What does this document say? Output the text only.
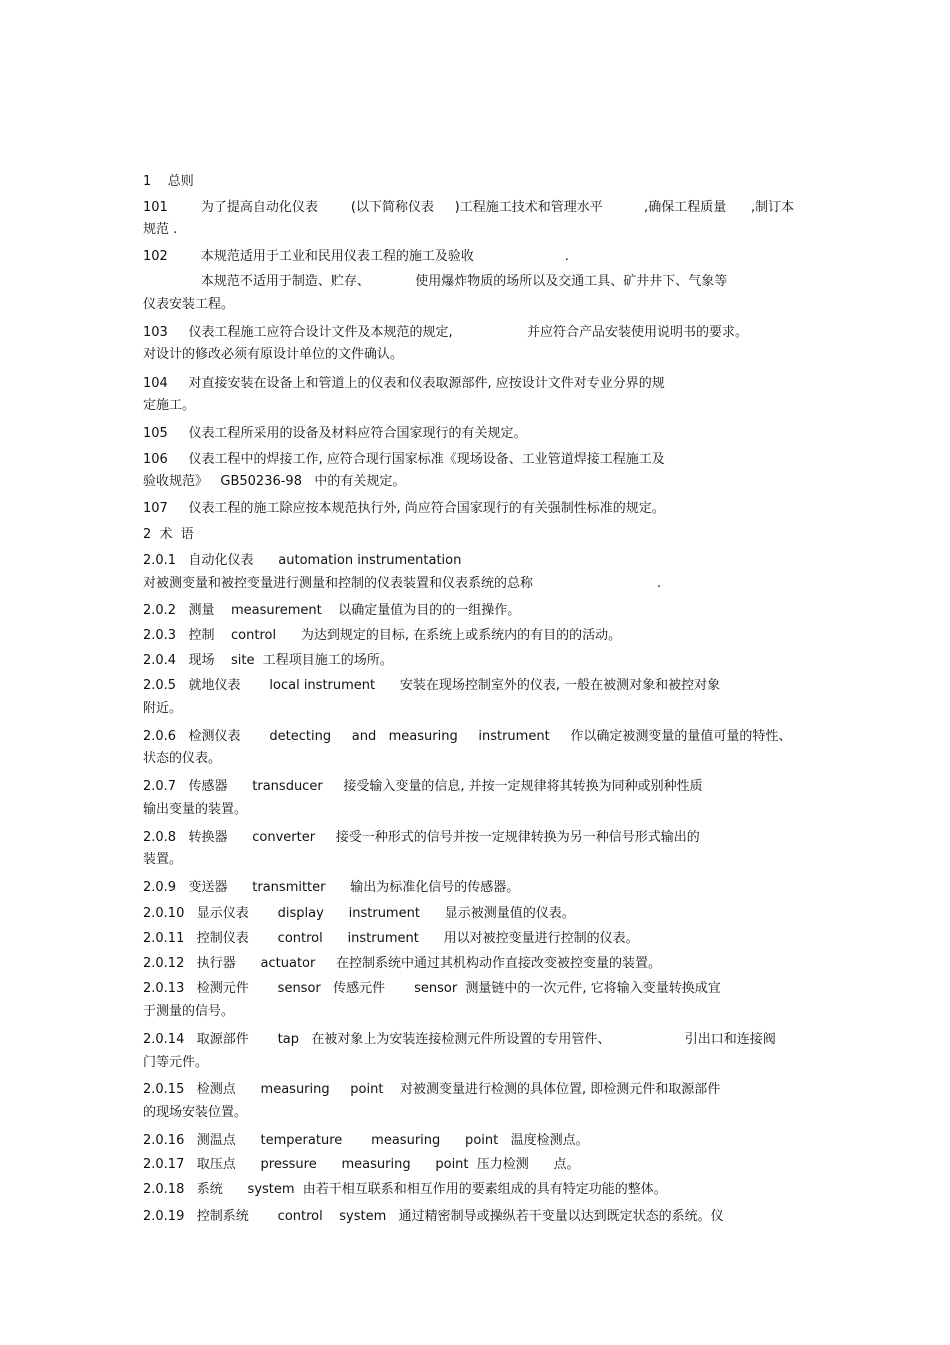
1    总则
101        为了提高自动化仪表        (以下简称仪表     )工程施工技术和管理水平          ,确保工程质量      ,制订本
规范 .
102        本规范适用于工业和民用仪表工程的施工及验收                      .
本规范不适用于制造、贮存、           使用爆炸物质的场所以及交通工具、矿井井下、气象等
仪表安装工程。
103     仪表工程施工应符合设计文件及本规范的规定,                  并应符合产品安装使用说明书的要求。
对设计的修改必须有原设计单位的文件确认。
104     对直接安装在设备上和管道上的仪表和仪表取源部件, 应按设计文件对专业分界的规
定施工。
105     仪表工程所采用的设备及材料应符合国家现行的有关规定。
106     仪表工程中的焊接工作, 应符合现行国家标准《现场设备、工业管道焊接工程施工及
验收规范》   GB50236-98   中的有关规定。
107     仪表工程的施工除应按本规范执行外, 尚应符合国家现行的有关强制性标准的规定。
2  术  语
2.0.1   自动化仪表      automation instrumentation
对被测变量和被控变量进行测量和控制的仪表装置和仪表系统的总称                              .
2.0.2   测量    measurement    以确定量值为目的的一组操作。
2.0.3   控制    control      为达到规定的目标, 在系统上或系统内的有目的的活动。
2.0.4   现场    site  工程项目施工的场所。
2.0.5   就地仪表       local instrument      安装在现场控制室外的仪表, 一般在被测对象和被控对象
附近。
2.0.6   检测仪表       detecting     and   measuring     instrument     作以确定被测变量的量值可量的特性、
状态的仪表。
2.0.7   传感器      transducer     接受输入变量的信息, 并按一定规律将其转换为同种或别种性质
输出变量的装置。
2.0.8   转换器      converter     接受一种形式的信号并按一定规律转换为另一种信号形式输出的
装置。
2.0.9   变送器      transmitter      输出为标准化信号的传感器。
2.0.10   显示仪表       display      instrument      显示被测量值的仪表。
2.0.11   控制仪表       control      instrument      用以对被控变量进行控制的仪表。
2.0.12   执行器      actuator     在控制系统中通过其机构动作直接改变被控变量的装置。
2.0.13   检测元件       sensor   传感元件       sensor  测量链中的一次元件, 它将输入变量转换成宜
于测量的信号。
2.0.14   取源部件       tap   在被对象上为安装连接检测元件所设置的专用管件、                  引出口和连接阀
门等元件。
2.0.15   检测点      measuring     point    对被测变量进行检测的具体位置, 即检测元件和取源部件
的现场安装位置。
2.0.16   测温点      temperature       measuring      point   温度检测点。
2.0.17   取压点      pressure      measuring      point  压力检测      点。
2.0.18   系统      system  由若干相互联系和相互作用的要素组成的具有特定功能的整体。
2.0.19   控制系统       control    system   通过精密制导或操纵若干变量以达到既定状态的系统。仪
